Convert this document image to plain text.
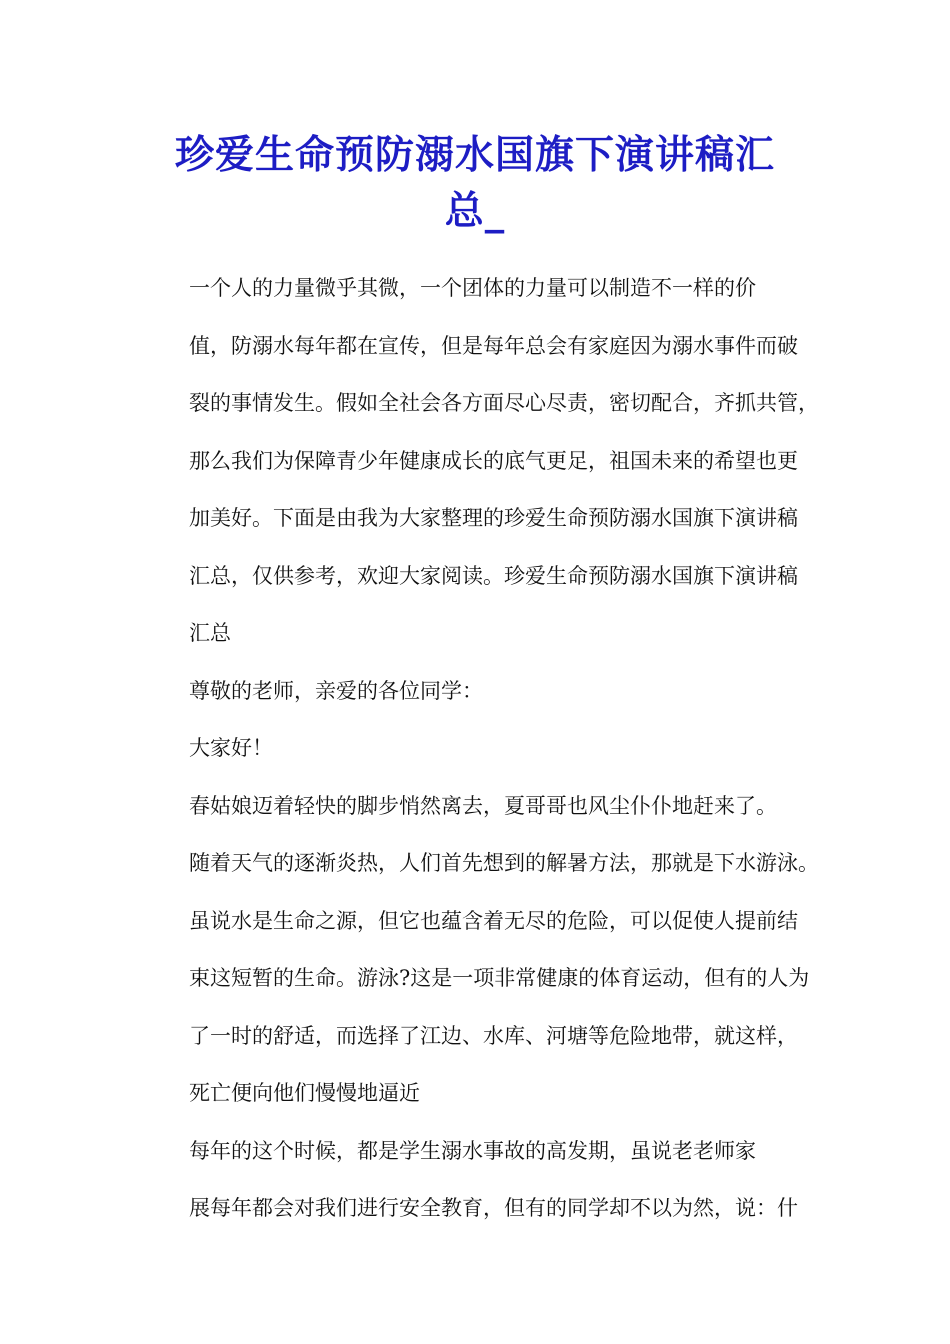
珍爱生命预防溺水国旗下演讲稿汇
总_

一个人的力量微乎其微，一个团体的力量可以制造不一样的价
值，防溺水每年都在宣传，但是每年总会有家庭因为溺水事件而破
裂的事情发生。假如全社会各方面尽心尽责，密切配合，齐抓共管，
那么我们为保障青少年健康成长的底气更足，祖国未来的希望也更
加美好。下面是由我为大家整理的珍爱生命预防溺水国旗下演讲稿
汇总，仅供参考，欢迎大家阅读。珍爱生命预防溺水国旗下演讲稿
汇总

尊敬的老师，亲爱的各位同学：

大家好！

春姑娘迈着轻快的脚步悄然离去，夏哥哥也风尘仆仆地赶来了。
随着天气的逐渐炎热，人们首先想到的解暑方法，那就是下水游泳。
虽说水是生命之源，但它也蕴含着无尽的危险，可以促使人提前结
束这短暂的生命。游泳?这是一项非常健康的体育运动，但有的人为
了一时的舒适，而选择了江边、水库、河塘等危险地带，就这样，
死亡便向他们慢慢地逼近

每年的这个时候，都是学生溺水事故的高发期，虽说老老师家
展每年都会对我们进行安全教育，但有的同学却不以为然，说：什
